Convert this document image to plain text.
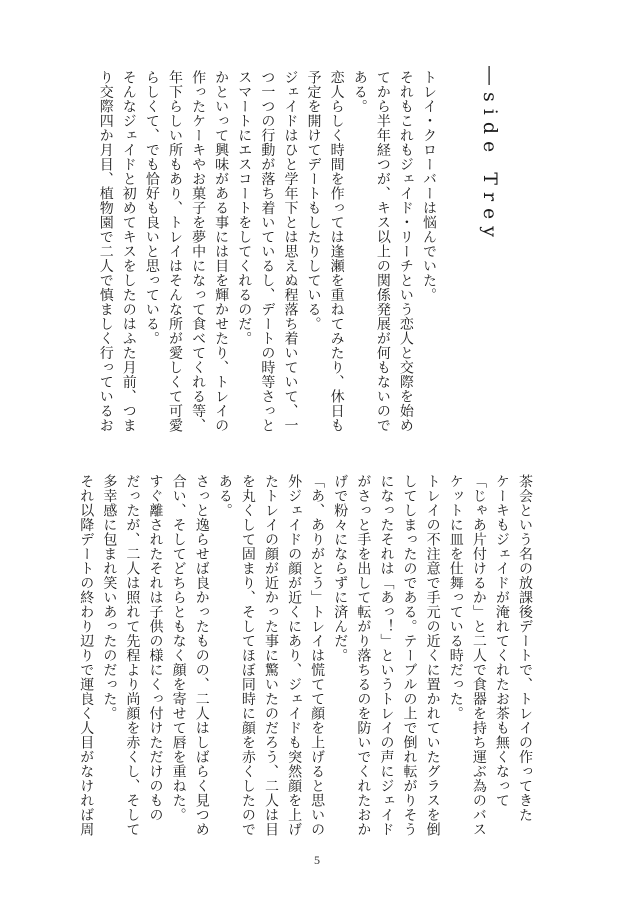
―side Trey
トレイ・クローバーは悩んでいた。
それもこれもジェイド・リーチという恋人と交際を始め
てから半年経つが、キス以上の関係発展が何もないので
ある。
恋人らしく時間を作っては逢瀬を重ねてみたり、休日も
予定を開けてデートもしたりしている。
ジェイドはひと学年下とは思えぬ程落ち着いていて、一
つ一つの行動が落ち着いているし、デートの時等さっと
スマートにエスコートをしてくれるのだ。
かといって興味がある事には目を輝かせたり、トレイの
作ったケーキやお菓子を夢中になって食べてくれる等、
年下らしい所もあり、トレイはそんな所が愛しくて可愛
らしくて、でも恰好も良いと思っている。
そんなジェイドと初めてキスをしたのはふた月前、つま
り交際四か月目、植物園で二人で慎ましく行っているお
茶会という名の放課後デートで、トレイの作ってきた
ケーキもジェイドが淹れてくれたお茶も無くなって
「じゃあ片付けるか」と二人で食器を持ち運ぶ為のバス
ケットに皿を仕舞っている時だった。
トレイの不注意で手元の近くに置かれていたグラスを倒
してしまったのである。テーブルの上で倒れ転がりそう
になったそれは「あっ！」というトレイの声にジェイド
がさっと手を出して転がり落ちるのを防いでくれたおか
げで粉々にならずに済んだ。
「あ、ありがとう」トレイは慌てて顔を上げると思いの
外ジェイドの顔が近くにあり、ジェイドも突然顔を上げ
たトレイの顔が近かった事に驚いたのだろう、二人は目
を丸くして固まり、そしてほぼ同時に顔を赤くしたので
ある。
さっと逸らせば良かったものの、二人はしばらく見つめ
合い、そしてどちらともなく顔を寄せて唇を重ねた。
すぐ離されたそれは子供の様にくっ付けただけのもの
だったが、二人は照れて先程より尚顔を赤くし、そして
多幸感に包まれ笑いあったのだった。
それ以降デートの終わり辺りで運良く人目がなければ周
5
